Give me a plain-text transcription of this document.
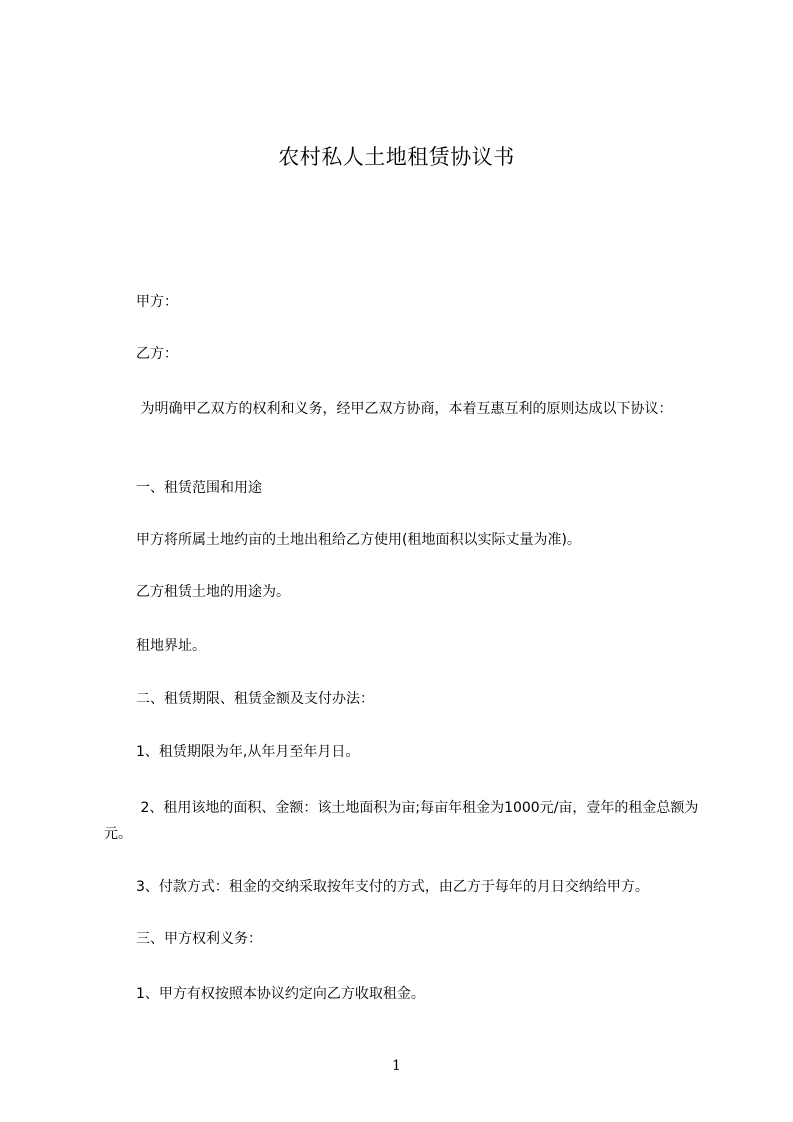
农村私人土地租赁协议书
甲方：
乙方：
为明确甲乙双方的权利和义务，经甲乙双方协商，本着互惠互利的原则达成以下协议：
一、租赁范围和用途
甲方将所属土地约亩的土地出租给乙方使用(租地面积以实际丈量为准)。
乙方租赁土地的用途为。
租地界址。
二、租赁期限、租赁金额及支付办法：
1、租赁期限为年,从年月至年月日。
2、租用该地的面积、金额：该土地面积为亩;每亩年租金为1000元/亩，壹年的租金总额为元。
3、付款方式：租金的交纳采取按年支付的方式，由乙方于每年的月日交纳给甲方。
三、甲方权利义务：
1、甲方有权按照本协议约定向乙方收取租金。
1
